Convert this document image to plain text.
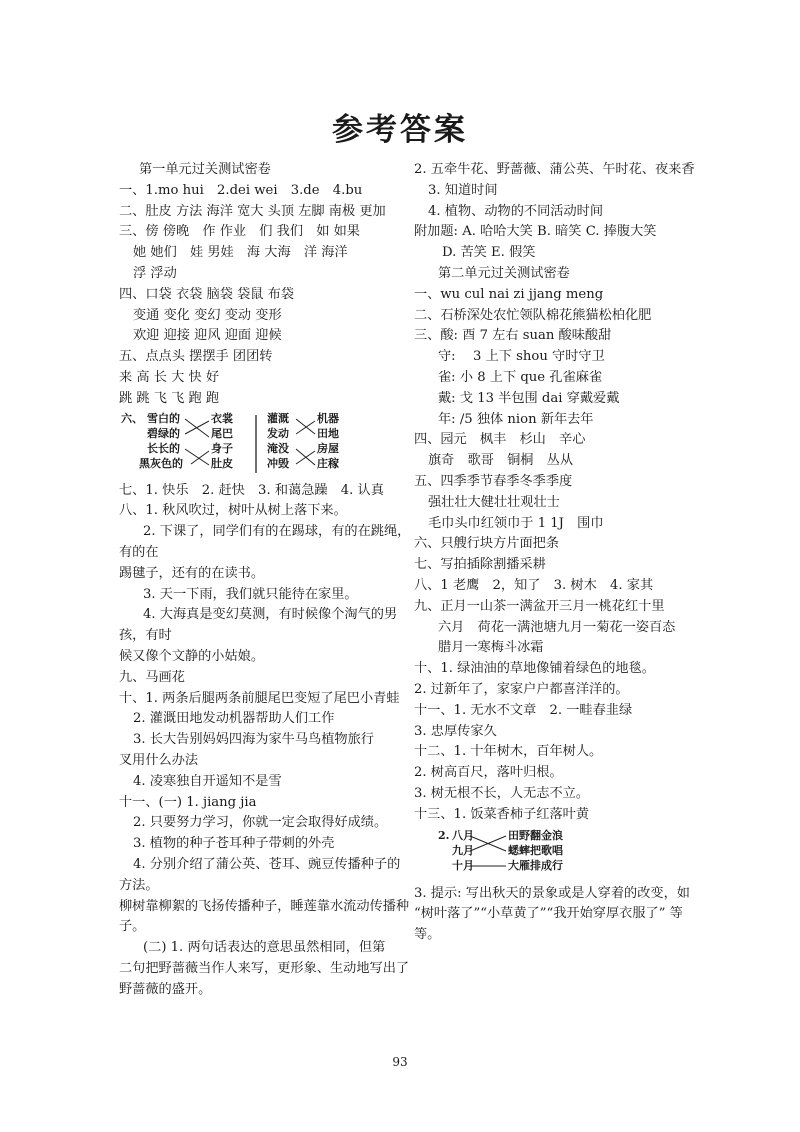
参考答案
第一单元过关测试密卷
一、1.mo hui　2.dei wei　3.de　4.bu
二、肚皮 方法 海洋 宽大 头顶 左脚 南极 更加
三、傍 傍晚　作 作业　们 我们　如 如果
她 她们　娃 男娃　海 大海　洋 海洋
浮 浮动
四、口袋 衣袋 脑袋 袋鼠 布袋
变通 变化 变幻 变动 变形
欢迎 迎接 迎风 迎面 迎候
五、点点头 摆摆手 团团转
来 高 长 大 快 好
跳 跳 飞 飞 跑 跑
六、 雪白的
碧绿的
长长的
黑灰色的
衣裳
尾巴
身子
肚皮
灌溉
发动
淹没
冲毁
机器
田地
房屋
庄稼
七、1. 快乐　2. 赶快　3. 和蔼急躁　4. 认真
八、1. 秋风吹过，树叶从树上落下来。
2. 下课了，同学们有的在踢球，有的在跳绳，
有的在
踢毽子，还有的在读书。
3. 天一下雨，我们就只能待在家里。
4. 大海真是变幻莫测，有时候像个淘气的男
孩，有时
候又像个文静的小姑娘。
九、马画花
十、1. 两条后腿两条前腿尾巴变短了尾巴小青蛙
2. 灌溉田地发动机器帮助人们工作
3. 长大告别妈妈四海为家牛马鸟植物旅行
叉用什么办法
4. 凌寒独自开遥知不是雪
十一、(一) 1. jiang jia
2. 只要努力学习，你就一定会取得好成绩。
3. 植物的种子苍耳种子带刺的外壳
4. 分别介绍了蒲公英、苍耳、豌豆传播种子的
方法。
柳树靠柳絮的飞扬传播种子，睡莲靠水流动传播种
子。
(二) 1. 两句话表达的意思虽然相同，但第
二句把野蔷薇当作人来写，更形象、生动地写出了
野蔷薇的盛开。
2. 五牵牛花、野蔷薇、蒲公英、午时花、夜来香
3. 知道时间
4. 植物、动物的不同活动时间
附加题: A. 哈哈大笑 B. 暗笑 C. 捧腹大笑
D. 苦笑 E. 假笑
第二单元过关测试密卷
一、wu cul nai zi jjang meng
二、石桥深处农忙领队棉花熊猫松柏化肥
三、酸: 酉 7 左右 suan 酸味酸甜
守:　 3 上下 shou 守时守卫
雀: 小 8 上下 que 孔雀麻雀
戴: 戈 13 半包围 dai 穿戴爱戴
年: /5 独体 nion 新年去年
四、园元　枫丰　杉山　辛心
旗奇　歌哥　铜桐　丛从
五、四季季节春季冬季季度
强壮壮大健壮壮观壮士
毛巾头巾红领巾于 1 1J　围巾
六、只艘行块方片面把条
七、写拍插除割播采耕
八、1 老鹰　2，知了　3. 树木　4. 家其
九、正月一山茶一满盆开三月一桃花红十里
六月　荷花一满池塘九月一菊花一姿百态
腊月一寒梅斗冰霜
十、1. 绿油油的草地像铺着绿色的地毯。
2. 过新年了，家家户户都喜洋洋的。
十一、1. 无水不文章　2. 一畦春韭绿
3. 忠厚传家久
十二、1. 十年树木，百年树人。
2. 树高百尺，落叶归根。
3. 树无根不长，人无志不立。
十三、1. 饭菜香柿子红落叶黄
2. 八月
九月
十月
田野翻金浪
蟋蟀把歌唱
大雁排成行
3. 提示: 写出秋天的景象或是人穿着的改变，如
“树叶落了”“小草黄了”“我开始穿厚衣服了” 等
等。
93
